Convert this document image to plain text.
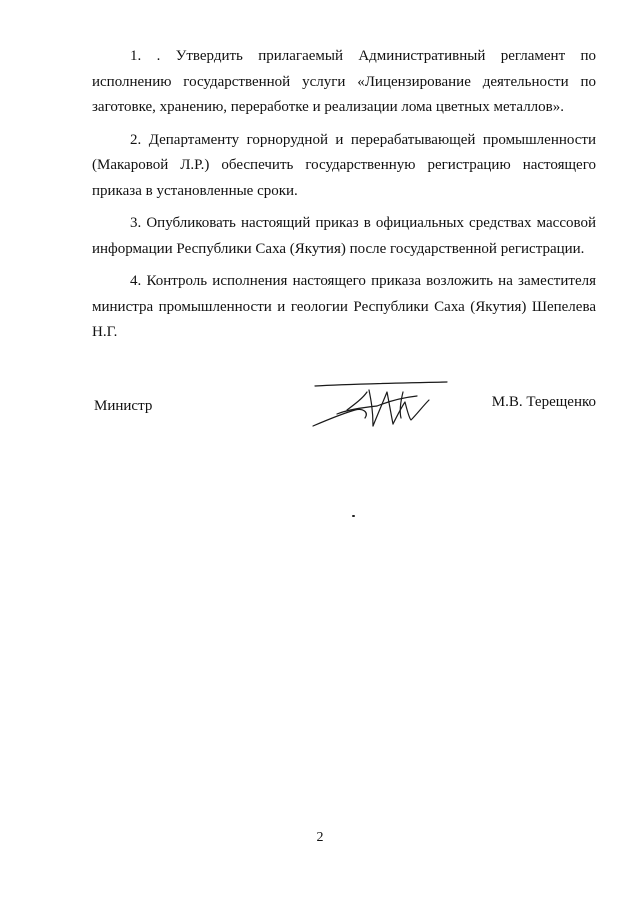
1. . Утвердить прилагаемый Административный регламент по исполнению государственной услуги «Лицензирование деятельности по заготовке, хранению, переработке и реализации лома цветных металлов».

2. Департаменту горнорудной и перерабатывающей промышленности (Макаровой Л.Р.) обеспечить государственную регистрацию настоящего приказа в установленные сроки.

3. Опубликовать настоящий приказ в официальных средствах массовой информации Республики Саха (Якутия) после государственной регистрации.

4. Контроль исполнения настоящего приказа возложить на заместителя министра промышленности и геологии Республики Саха (Якутия) Шепелева Н.Г.

Министр	М.В. Терещенко
2
